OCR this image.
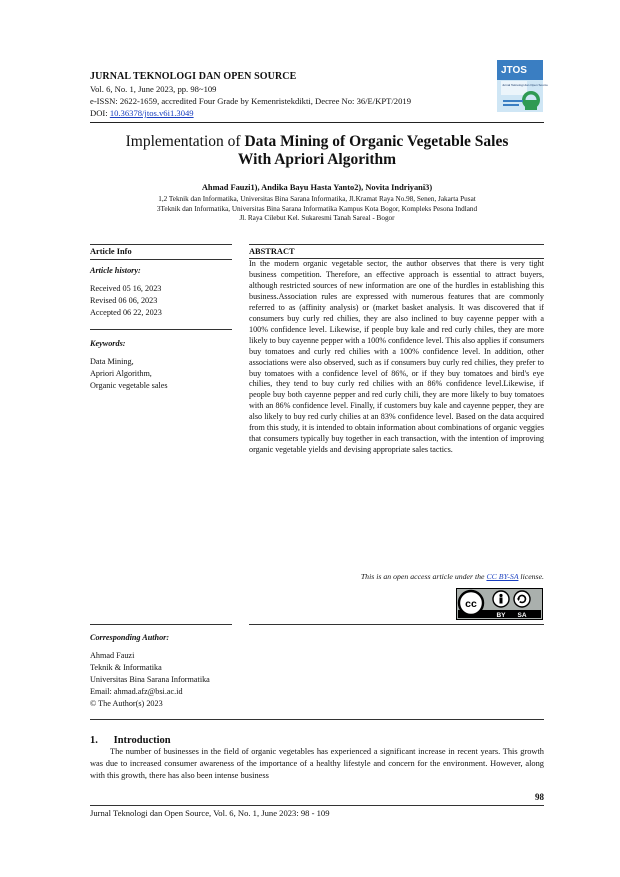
JURNAL TEKNOLOGI DAN OPEN SOURCE
Vol. 6, No. 1, June 2023, pp. 98~109
e-ISSN: 2622-1659, accredited Four Grade by Kemenristekdikti, Decree No: 36/E/KPT/2019
DOI: 10.36378/jtos.v6i1.3049
JTOS
Jurnal Teknologi dan Open Source
Implementation of Data Mining of Organic Vegetable Sales
With Apriori Algorithm
Ahmad Fauzi1), Andika Bayu Hasta Yanto2), Novita Indriyani3)
1,2 Teknik dan Informatika, Universitas Bina Sarana Informatika, Jl.Kramat Raya No.98, Senen, Jakarta Pusat
3Teknik dan Informatika, Universitas Bina Sarana Informatika Kampus Kota Bogor, Kompleks Pesona Indland
Jl. Raya Cilebut Kel. Sukaresmi Tanah Sareal - Bogor
Article Info
Article history:
Received 05 16, 2023
Revised 06 06, 2023
Accepted 06 22, 2023
Keywords:
Data Mining,
Apriori Algorithm,
Organic vegetable sales
ABSTRACT
In the modern organic vegetable sector, the author observes that there is very tight business competition. Therefore, an effective approach is essential to attract buyers, although restricted sources of new information are one of the hurdles in establishing this business.Association rules are expressed with numerous features that are commonly referred to as (affinity analysis) or (market basket analysis. It was discovered that if consumers buy curly red chilies, they are also inclined to buy cayenne pepper with a 100% confidence level. Likewise, if people buy kale and red curly chiles, they are more likely to buy cayenne pepper with a 100% confidence level. This also applies if consumers buy tomatoes and curly red chilies with a 100% confidence level. In addition, other associations were also observed, such as if consumers buy curly red chilies, they prefer to buy tomatoes with a confidence level of 86%, or if they buy tomatoes and bird's eye chilies, they tend to buy curly red chilies with an 86% confidence level.Likewise, if people buy both cayenne pepper and red curly chili, they are more likely to buy tomatoes with an 86% confidence level. Finally, if customers buy kale and cayenne pepper, they are also likely to buy red curly chilies at an 83% confidence level. Based on the data acquired from this study, it is intended to obtain information about combinations of organic veggies that consumers typically buy together in each transaction, with the intention of improving organic vegetable yields and devising appropriate sales tactics.
This is an open access article under the CC BY-SA license.
cc
BY SA
Corresponding Author:
Ahmad Fauzi
Teknik & Informatika
Universitas Bina Sarana Informatika
Email: ahmad.afz@bsi.ac.id
© The Author(s) 2023
1.      Introduction
The number of businesses in the field of organic vegetables has experienced a significant increase in recent years. This growth was due to increased consumer awareness of the importance of a healthy lifestyle and concern for the environment. However, along with this growth, there has also been intense business
98
Jurnal Teknologi dan Open Source, Vol. 6, No. 1, June 2023: 98 - 109
